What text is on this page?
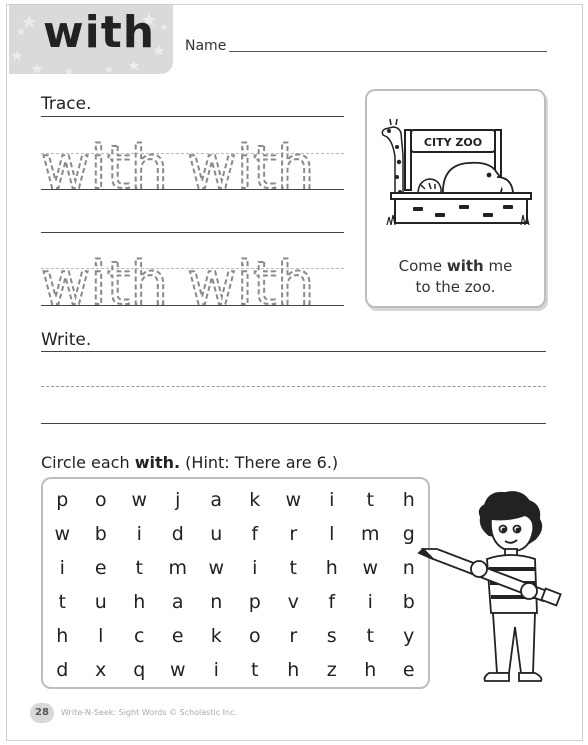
with Name
Trace.
with with
with with
CITY ZOO
Come with me
to the zoo.
Write.
Circle each with. (Hint: There are 6.)
p	o	w	j	a	k	w	i	t	h
w	b	i	d	u	f	r	l	m	g
i	e	t	m	w	i	t	h	w	n
t	u	h	a	n	p	v	f	i	b
h	l	c	e	k	o	r	s	t	y
d	x	q	w	i	t	h	z	h	e
28	Write-N-Seek: Sight Words © Scholastic Inc.
